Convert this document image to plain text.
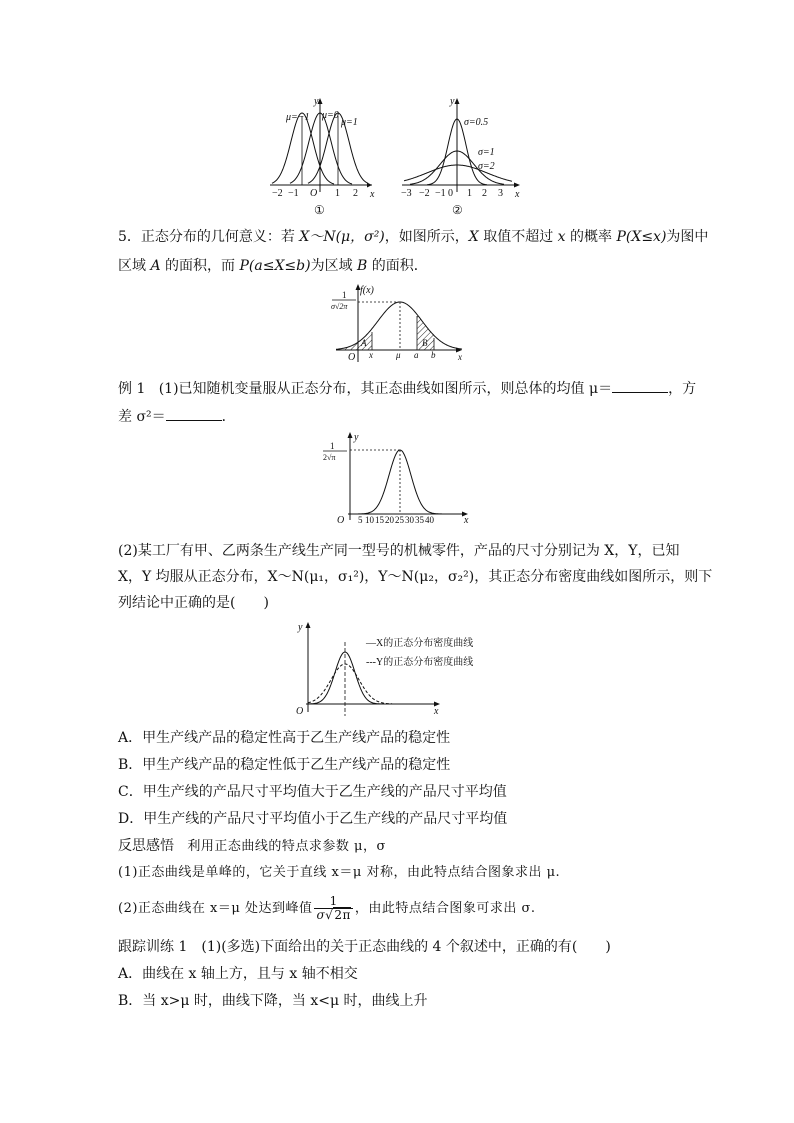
y
x
μ=−1 μ=0
μ=1
O
−2 −1	1 2
①
y
x
σ=0.5
σ=1
σ=2
−3 −2 −1 0 1 2 3
②
5．正态分布的几何意义：若 X～N(μ，σ²)，如图所示，X 取值不超过 x 的概率 P(X≤x)为图中
区域 A 的面积，而 P(a≤X≤b)为区域 B 的面积．
f(x)
1
σ√2π
O x	μ a b	x
A	B
例 1 (1)已知随机变量服从正态分布，其正态曲线如图所示，则总体的均值 μ＝	，方
差 σ²＝	．
y
x
O
1
2√π
5 10 15 20 25 30 35 40
(2)某工厂有甲、乙两条生产线生产同一型号的机械零件，产品的尺寸分别记为 X，Y，已知
X，Y 均服从正态分布，X～N(μ₁，σ₁²)，Y～N(μ₂，σ₂²)，其正态分布密度曲线如图所示，则下
列结论中正确的是(　　)
y
x
O
—X的正态分布密度曲线
---Y的正态分布密度曲线
A．甲生产线产品的稳定性高于乙生产线产品的稳定性
B．甲生产线产品的稳定性低于乙生产线产品的稳定性
C．甲生产线的产品尺寸平均值大于乙生产线的产品尺寸平均值
D．甲生产线的产品尺寸平均值小于乙生产线的产品尺寸平均值
反思感悟 利用正态曲线的特点求参数 μ，σ
(1)正态曲线是单峰的，它关于直线 x＝μ 对称，由此特点结合图象求出 μ.
(2)正态曲线在 x＝μ 处达到峰值 $\frac{1}{\sigma√2\pi}$ ，由此特点结合图象可求出 σ.
跟踪训练 1　(1)(多选)下面给出的关于正态曲线的 4 个叙述中，正确的有(　　)
A．曲线在 x 轴上方，且与 x 轴不相交
B．当 x>μ 时，曲线下降，当 x<μ 时，曲线上升
